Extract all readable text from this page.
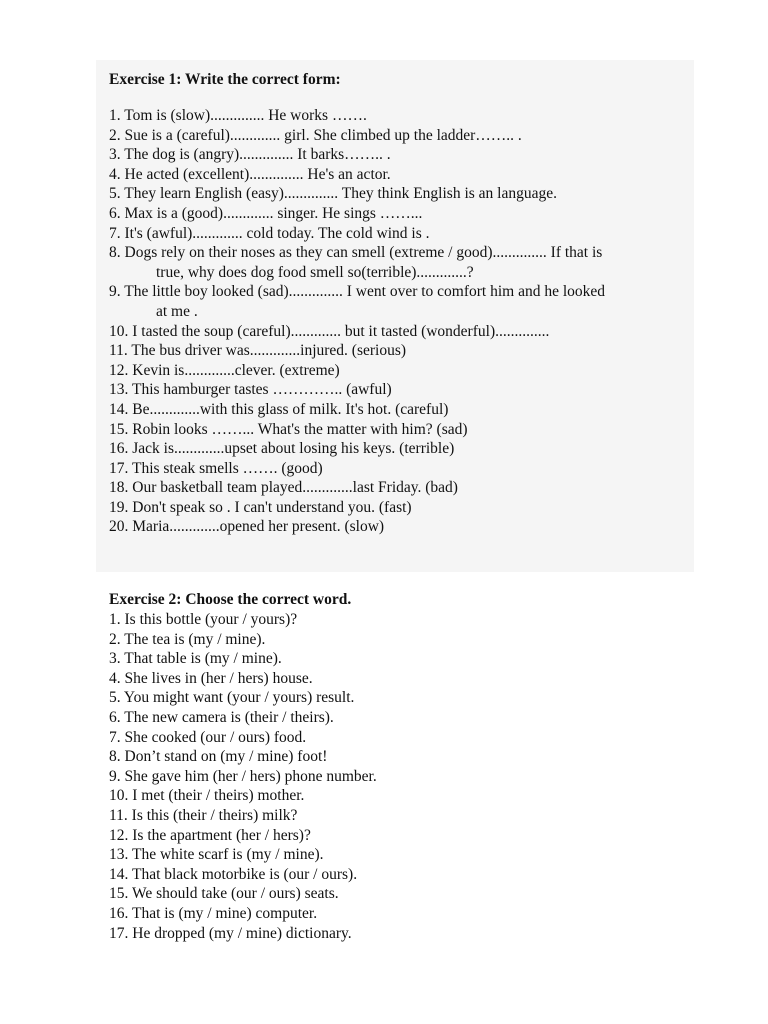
Exercise 1: Write the correct form:
1. Tom is (slow).............. He works …….
2. Sue is a (careful)............. girl. She climbed up the ladder…….. .
3. The dog is (angry).............. It barks…….. .
4. He acted (excellent).............. He's an actor.
5. They learn English (easy).............. They think English is an language.
6. Max is a (good)............. singer. He sings ……...
7. It's (awful)............. cold today. The cold wind is .
8. Dogs rely on their noses as they can smell (extreme / good).............. If that is
true, why does dog food smell so(terrible).............?
9. The little boy looked (sad).............. I went over to comfort him and he looked
at me .
10. I tasted the soup (careful)............. but it tasted (wonderful)..............
11. The bus driver was.............injured. (serious)
12. Kevin is.............clever. (extreme)
13. This hamburger tastes ………….. (awful)
14. Be.............with this glass of milk. It's hot. (careful)
15. Robin looks ……... What's the matter with him? (sad)
16. Jack is.............upset about losing his keys. (terrible)
17. This steak smells ……. (good)
18. Our basketball team played.............last Friday. (bad)
19. Don't speak so . I can't understand you. (fast)
20. Maria.............opened her present. (slow)
Exercise 2: Choose the correct word.
1. Is this bottle (your / yours)?
2. The tea is (my / mine).
3. That table is (my / mine).
4. She lives in (her / hers) house.
5. You might want (your / yours) result.
6. The new camera is (their / theirs).
7. She cooked (our / ours) food.
8. Don’t stand on (my / mine) foot!
9. She gave him (her / hers) phone number.
10. I met (their / theirs) mother.
11. Is this (their / theirs) milk?
12. Is the apartment (her / hers)?
13. The white scarf is (my / mine).
14. That black motorbike is (our / ours).
15. We should take (our / ours) seats.
16. That is (my / mine) computer.
17. He dropped (my / mine) dictionary.
